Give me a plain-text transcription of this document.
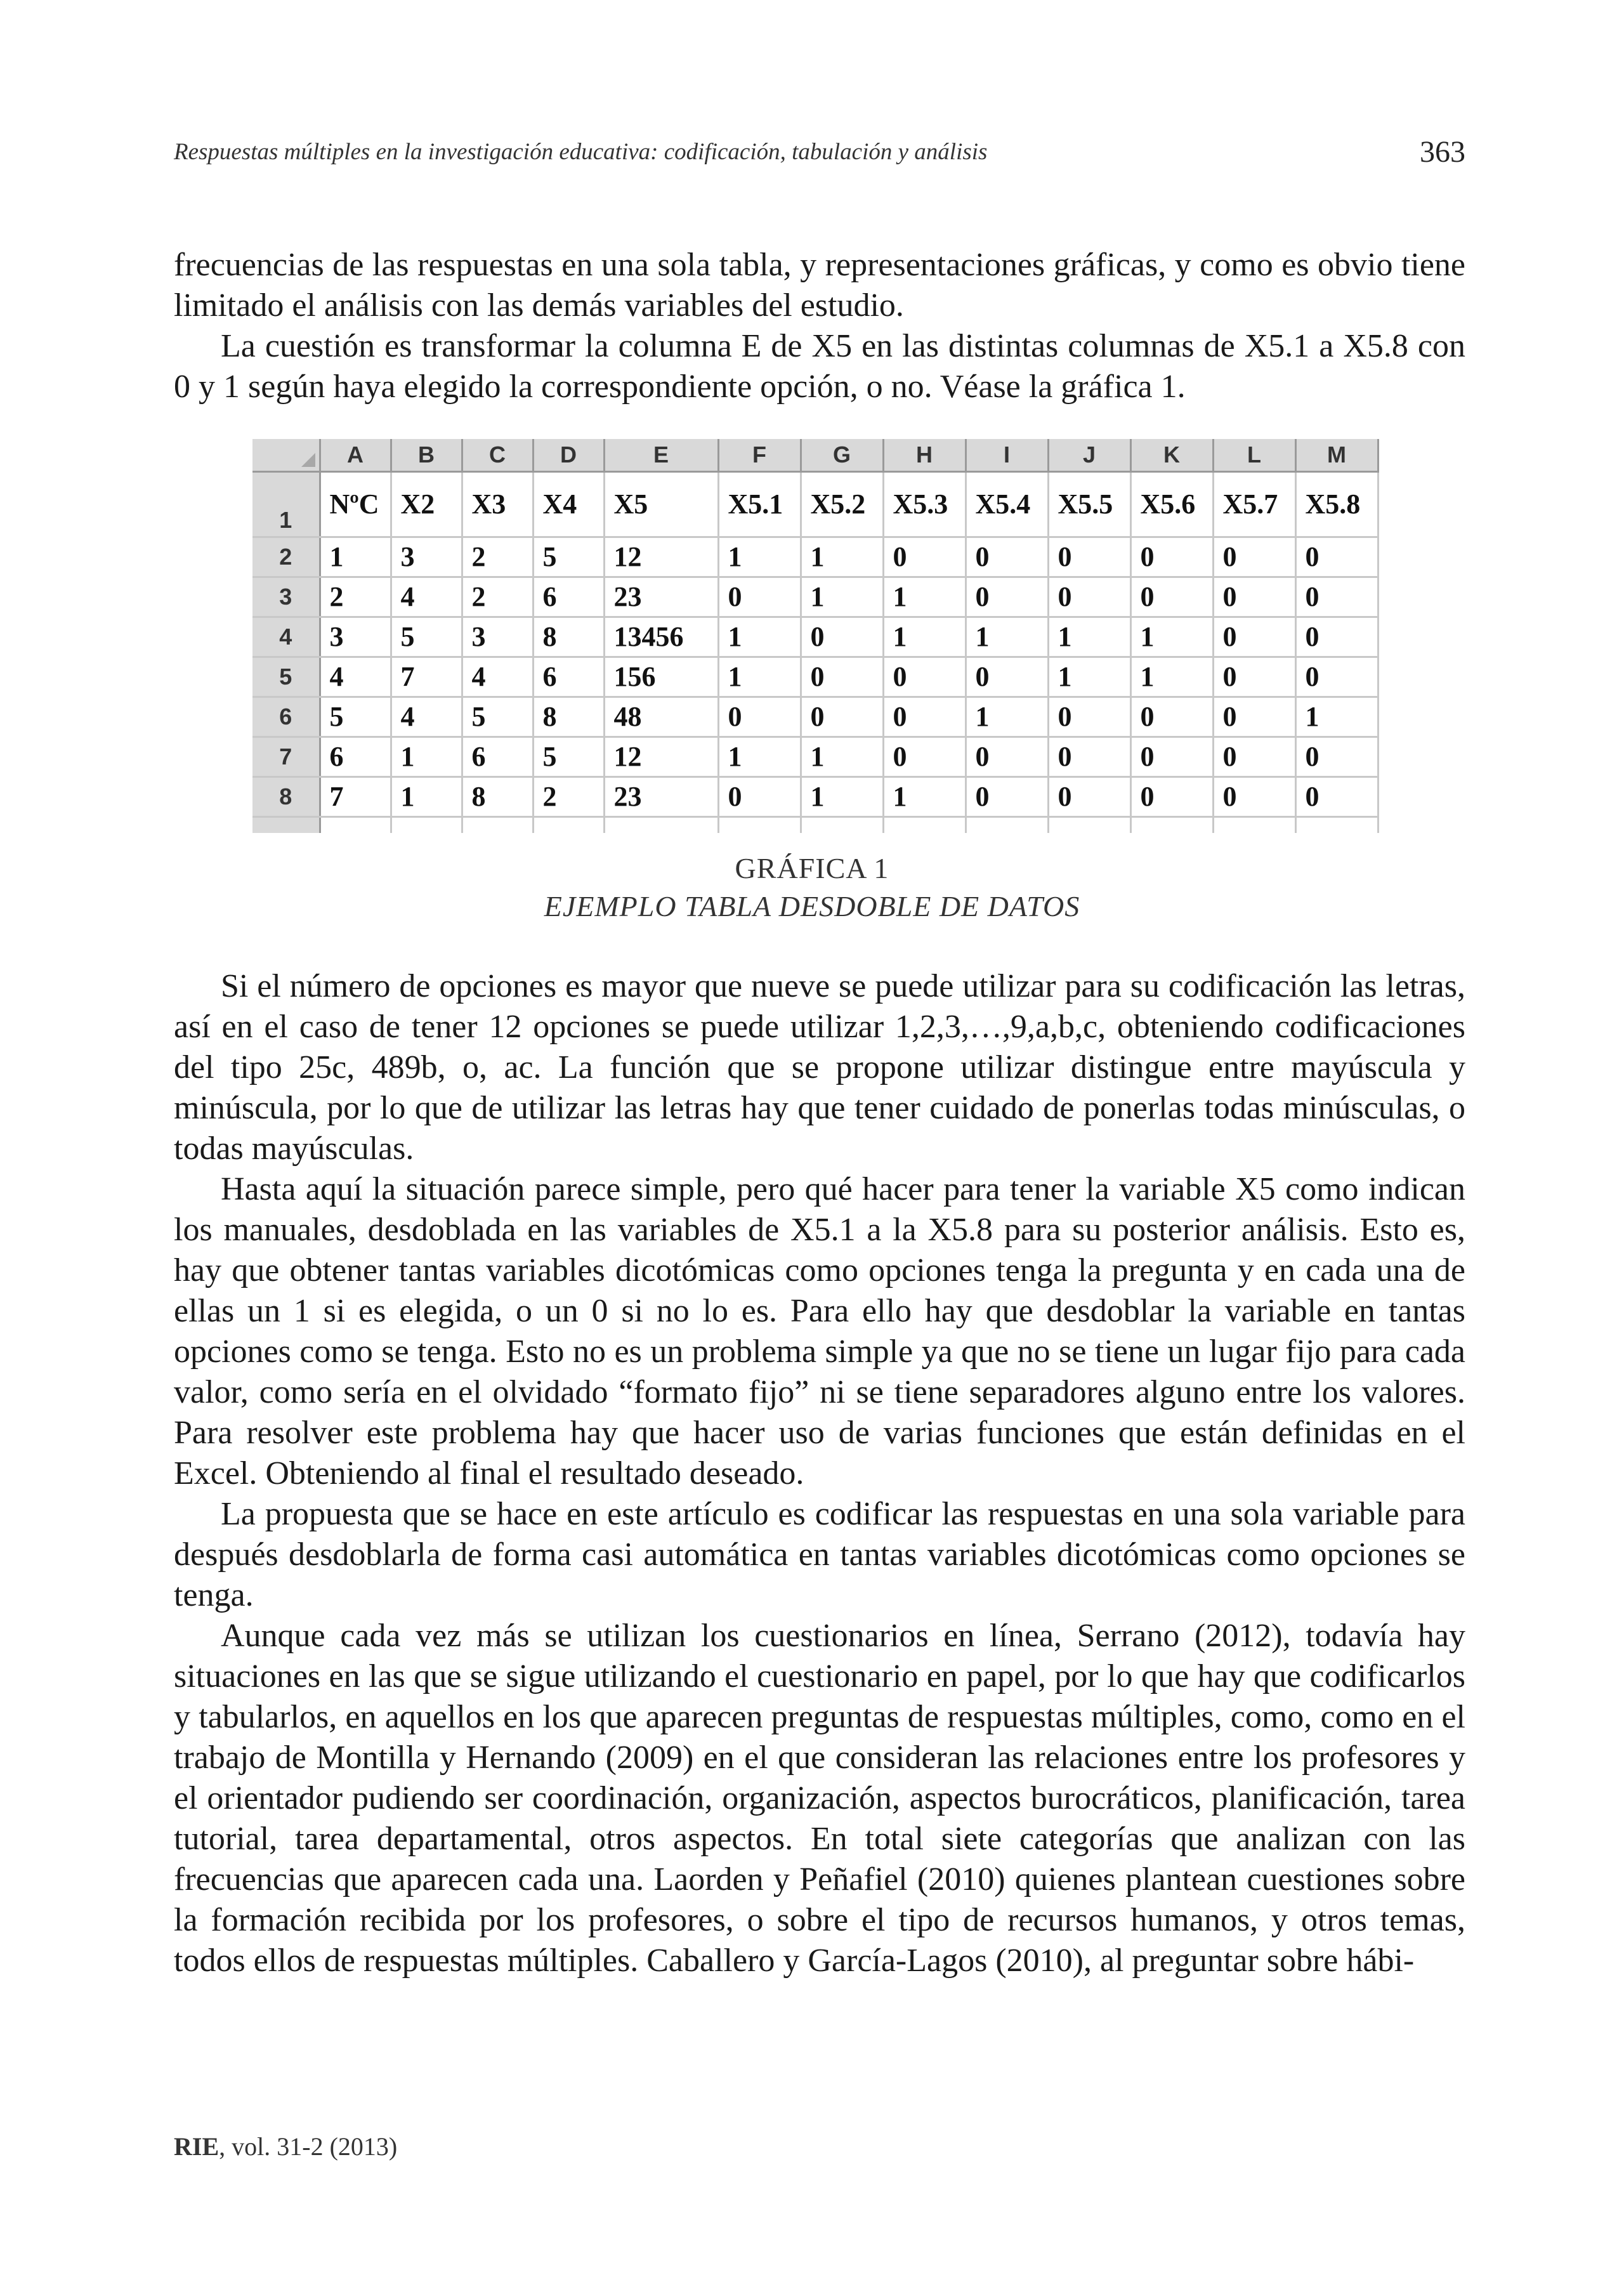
Respuestas múltiples en la investigación educativa: codificación, tabulación y análisis	363

frecuencias de las respuestas en una sola tabla, y representaciones gráficas, y como es obvio tiene limitado el análisis con las demás variables del estudio.

La cuestión es transformar la columna E de X5 en las distintas columnas de X5.1 a X5.8 con 0 y 1 según haya elegido la correspondiente opción, o no. Véase la gráfica 1.

	A	B	C	D	E	F	G	H	I	J	K	L	M
1	NºC	X2	X3	X4	X5	X5.1	X5.2	X5.3	X5.4	X5.5	X5.6	X5.7	X5.8
2	1	3	2	5	12	1	1	0	0	0	0	0	0
3	2	4	2	6	23	0	1	1	0	0	0	0	0
4	3	5	3	8	13456	1	0	1	1	1	1	0	0
5	4	7	4	6	156	1	0	0	0	1	1	0	0
6	5	4	5	8	48	0	0	0	1	0	0	0	1
7	6	1	6	5	12	1	1	0	0	0	0	0	0
8	7	1	8	2	23	0	1	1	0	0	0	0	0

GRÁFICA 1
EJEMPLO TABLA DESDOBLE DE DATOS

Si el número de opciones es mayor que nueve se puede utilizar para su codificación las letras, así en el caso de tener 12 opciones se puede utilizar 1,2,3,…,9,a,b,c, obteniendo codificaciones del tipo 25c, 489b, o, ac. La función que se propone utilizar distingue entre mayúscula y minúscula, por lo que de utilizar las letras hay que tener cuidado de ponerlas todas minúsculas, o todas mayúsculas.

Hasta aquí la situación parece simple, pero qué hacer para tener la variable X5 como indican los manuales, desdoblada en las variables de X5.1 a la X5.8 para su posterior análisis. Esto es, hay que obtener tantas variables dicotómicas como opciones tenga la pregunta y en cada una de ellas un 1 si es elegida, o un 0 si no lo es. Para ello hay que desdoblar la variable en tantas opciones como se tenga. Esto no es un problema simple ya que no se tiene un lugar fijo para cada valor, como sería en el olvidado “formato fijo” ni se tiene separadores alguno entre los valores. Para resolver este problema hay que hacer uso de varias funciones que están definidas en el Excel. Obteniendo al final el resultado deseado.

La propuesta que se hace en este artículo es codificar las respuestas en una sola variable para después desdoblarla de forma casi automática en tantas variables dicotómicas como opciones se tenga.

Aunque cada vez más se utilizan los cuestionarios en línea, Serrano (2012), todavía hay situaciones en las que se sigue utilizando el cuestionario en papel, por lo que hay que codificarlos y tabularlos, en aquellos en los que aparecen preguntas de respuestas múltiples, como, como en el trabajo de Montilla y Hernando (2009) en el que consideran las relaciones entre los profesores y el orientador pudiendo ser coordinación, organización, aspectos burocráticos, planificación, tarea tutorial, tarea departamental, otros aspectos. En total siete categorías que analizan con las frecuencias que aparecen cada una. Laorden y Peñafiel (2010) quienes plantean cuestiones sobre la formación recibida por los profesores, o sobre el tipo de recursos humanos, y otros temas, todos ellos de respuestas múltiples. Caballero y García-Lagos (2010), al preguntar sobre hábi-

RIE, vol. 31-2 (2013)
